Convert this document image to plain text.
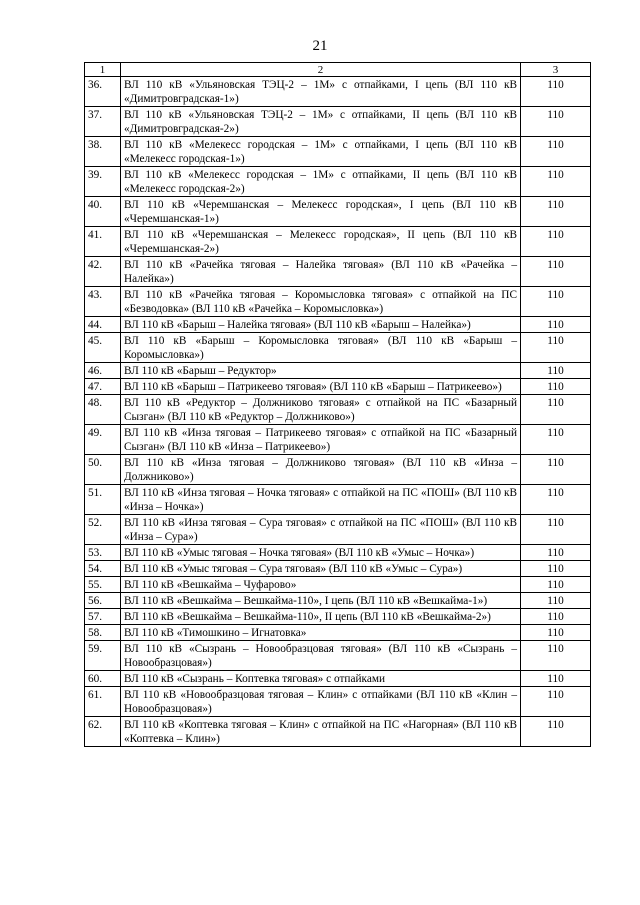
21
1	2	3
36.	ВЛ 110 кВ «Ульяновская ТЭЦ-2 – 1М» с отпайками, I цепь (ВЛ 110 кВ «Димитровградская-1»)	110
37.	ВЛ 110 кВ «Ульяновская ТЭЦ-2 – 1М» с отпайками, II цепь (ВЛ 110 кВ «Димитровградская-2»)	110
38.	ВЛ 110 кВ «Мелекесс городская – 1М» с отпайками, I цепь (ВЛ 110 кВ «Мелекесс городская-1»)	110
39.	ВЛ 110 кВ «Мелекесс городская – 1М» с отпайками, II цепь (ВЛ 110 кВ «Мелекесс городская-2»)	110
40.	ВЛ 110 кВ «Черемшанская – Мелекесс городская», I цепь (ВЛ 110 кВ «Черемшанская-1»)	110
41.	ВЛ 110 кВ «Черемшанская – Мелекесс городская», II цепь (ВЛ 110 кВ «Черемшанская-2»)	110
42.	ВЛ 110 кВ «Рачейка тяговая – Налейка тяговая» (ВЛ 110 кВ «Рачейка – Налейка»)	110
43.	ВЛ 110 кВ «Рачейка тяговая – Коромысловка тяговая» с отпайкой на ПС «Безводовка» (ВЛ 110 кВ «Рачейка – Коромысловка»)	110
44.	ВЛ 110 кВ «Барыш – Налейка тяговая» (ВЛ 110 кВ «Барыш – Налейка»)	110
45.	ВЛ 110 кВ «Барыш – Коромысловка тяговая» (ВЛ 110 кВ «Барыш – Коромысловка»)	110
46.	ВЛ 110 кВ «Барыш – Редуктор»	110
47.	ВЛ 110 кВ «Барыш – Патрикеево тяговая» (ВЛ 110 кВ «Барыш – Патрикеево»)	110
48.	ВЛ 110 кВ «Редуктор – Должниково тяговая» с отпайкой на ПС «Базарный Сызган» (ВЛ 110 кВ «Редуктор – Должниково»)	110
49.	ВЛ 110 кВ «Инза тяговая – Патрикеево тяговая» с отпайкой на ПС «Базарный Сызган» (ВЛ 110 кВ «Инза – Патрикеево»)	110
50.	ВЛ 110 кВ «Инза тяговая – Должниково тяговая» (ВЛ 110 кВ «Инза – Должниково»)	110
51.	ВЛ 110 кВ «Инза тяговая – Ночка тяговая» с отпайкой на ПС «ПОШ» (ВЛ 110 кВ «Инза – Ночка»)	110
52.	ВЛ 110 кВ «Инза тяговая – Сура тяговая» с отпайкой на ПС «ПОШ» (ВЛ 110 кВ «Инза – Сура»)	110
53.	ВЛ 110 кВ «Умыс тяговая – Ночка тяговая» (ВЛ 110 кВ «Умыс – Ночка»)	110
54.	ВЛ 110 кВ «Умыс тяговая – Сура тяговая» (ВЛ 110 кВ «Умыс – Сура»)	110
55.	ВЛ 110 кВ «Вешкайма – Чуфарово»	110
56.	ВЛ 110 кВ «Вешкайма – Вешкайма-110», I цепь (ВЛ 110 кВ «Вешкайма-1»)	110
57.	ВЛ 110 кВ «Вешкайма – Вешкайма-110», II цепь (ВЛ 110 кВ «Вешкайма-2»)	110
58.	ВЛ 110 кВ «Тимошкино – Игнатовка»	110
59.	ВЛ 110 кВ «Сызрань – Новообразцовая тяговая» (ВЛ 110 кВ «Сызрань – Новообразцовая»)	110
60.	ВЛ 110 кВ «Сызрань – Коптевка тяговая» с отпайками	110
61.	ВЛ 110 кВ «Новообразцовая тяговая – Клин» с отпайками (ВЛ 110 кВ «Клин – Новообразцовая»)	110
62.	ВЛ 110 кВ «Коптевка тяговая – Клин» с отпайкой на ПС «Нагорная» (ВЛ 110 кВ «Коптевка – Клин»)	110
